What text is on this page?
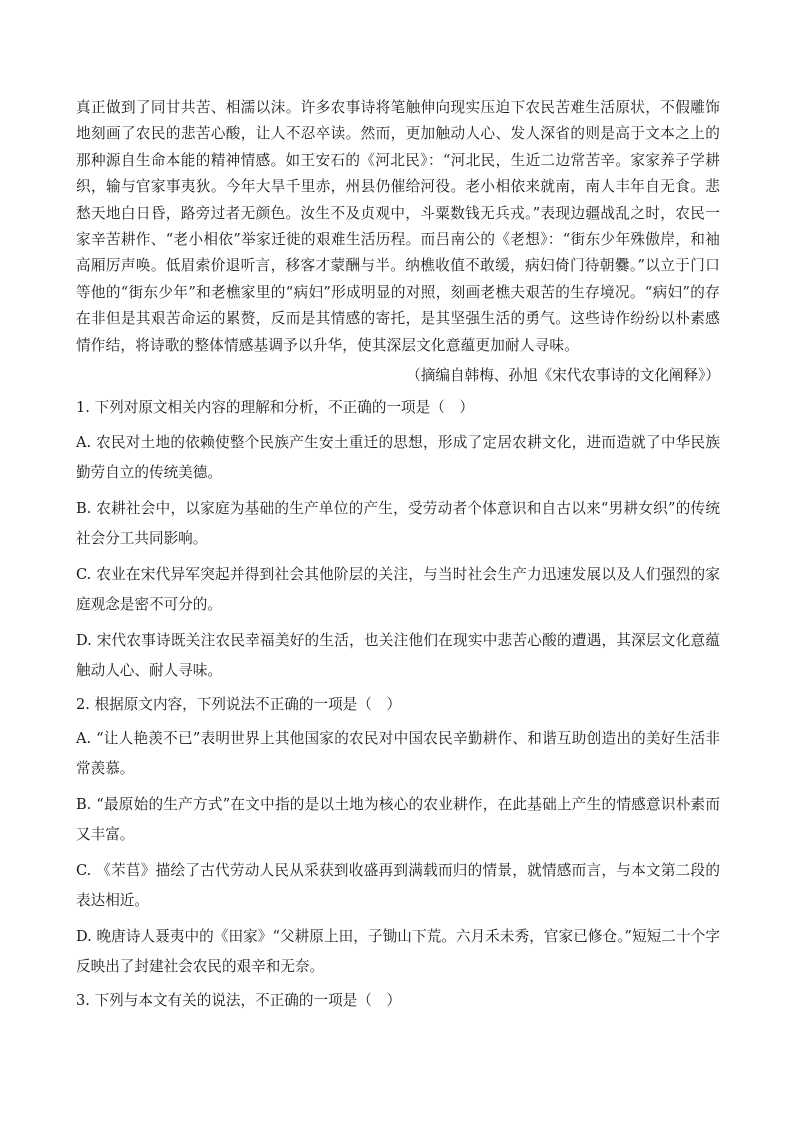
真正做到了同甘共苦、相濡以沫。许多农事诗将笔触伸向现实压迫下农民苦难生活原状，不假雕饰地刻画了农民的悲苦心酸，让人不忍卒读。然而，更加触动人心、发人深省的则是高于文本之上的那种源自生命本能的精神情感。如王安石的《河北民》：“河北民，生近二边常苦辛。家家养子学耕织，输与官家事夷狄。今年大旱千里赤，州县仍催给河役。老小相依来就南，南人丰年自无食。悲愁天地白日昏，路旁过者无颜色。汝生不及贞观中，斗粟数钱无兵戎。”表现边疆战乱之时，农民一家辛苦耕作、“老小相依”举家迁徙的艰难生活历程。而吕南公的《老想》：“街东少年殊傲岸，和袖高厢厉声唤。低眉索价退听言，移客才蒙酬与半。纳樵收值不敢缓，病妇倚门待朝爨。”以立于门口等他的“街东少年”和老樵家里的“病妇”形成明显的对照，刻画老樵夫艰苦的生存境况。“病妇”的存在非但是其艰苦命运的累赘，反而是其情感的寄托，是其坚强生活的勇气。这些诗作纷纷以朴素感情作结，将诗歌的整体情感基调予以升华，使其深层文化意蕴更加耐人寻味。

（摘编自韩梅、孙旭《宋代农事诗的文化阐释》）

1. 下列对原文相关内容的理解和分析，不正确的一项是（　）

A. 农民对土地的依赖使整个民族产生安土重迁的思想，形成了定居农耕文化，进而造就了中华民族勤劳自立的传统美德。

B. 农耕社会中，以家庭为基础的生产单位的产生，受劳动者个体意识和自古以来“男耕女织”的传统社会分工共同影响。

C. 农业在宋代异军突起并得到社会其他阶层的关注，与当时社会生产力迅速发展以及人们强烈的家庭观念是密不可分的。

D. 宋代农事诗既关注农民幸福美好的生活，也关注他们在现实中悲苦心酸的遭遇，其深层文化意蕴触动人心、耐人寻味。

2. 根据原文内容，下列说法不正确的一项是（　）

A. “让人艳羡不已”表明世界上其他国家的农民对中国农民辛勤耕作、和谐互助创造出的美好生活非常羡慕。

B. “最原始的生产方式”在文中指的是以土地为核心的农业耕作，在此基础上产生的情感意识朴素而又丰富。

C. 《芣苢》描绘了古代劳动人民从采获到收盛再到满载而归的情景，就情感而言，与本文第二段的表达相近。

D. 晚唐诗人聂夷中的《田家》“父耕原上田，子锄山下荒。六月禾未秀，官家已修仓。”短短二十个字反映出了封建社会农民的艰辛和无奈。

3. 下列与本文有关的说法，不正确的一项是（　）
